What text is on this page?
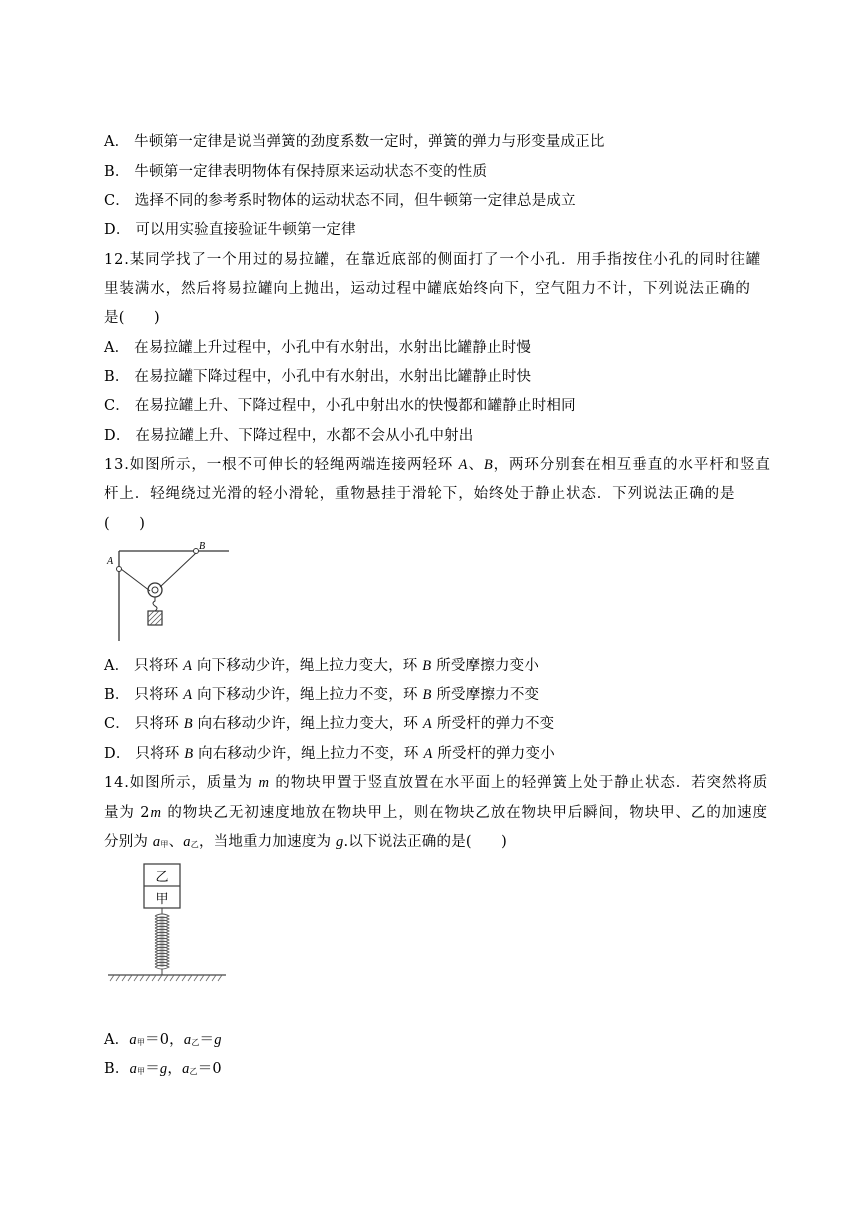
A． 牛顿第一定律是说当弹簧的劲度系数一定时，弹簧的弹力与形变量成正比
B． 牛顿第一定律表明物体有保持原来运动状态不变的性质
C． 选择不同的参考系时物体的运动状态不同，但牛顿第一定律总是成立
D． 可以用实验直接验证牛顿第一定律
12.某同学找了一个用过的易拉罐，在靠近底部的侧面打了一个小孔．用手指按住小孔的同时往罐
里装满水，然后将易拉罐向上抛出，运动过程中罐底始终向下，空气阻力不计，下列说法正确的
是(　　)
A． 在易拉罐上升过程中，小孔中有水射出，水射出比罐静止时慢
B． 在易拉罐下降过程中，小孔中有水射出，水射出比罐静止时快
C． 在易拉罐上升、下降过程中，小孔中射出水的快慢都和罐静止时相同
D． 在易拉罐上升、下降过程中，水都不会从小孔中射出
13.如图所示，一根不可伸长的轻绳两端连接两轻环 A、B，两环分别套在相互垂直的水平杆和竖直
杆上．轻绳绕过光滑的轻小滑轮，重物悬挂于滑轮下，始终处于静止状态．下列说法正确的是
(　　)
A
B
A． 只将环 A 向下移动少许，绳上拉力变大，环 B 所受摩擦力变小
B． 只将环 A 向下移动少许，绳上拉力不变，环 B 所受摩擦力不变
C． 只将环 B 向右移动少许，绳上拉力变大，环 A 所受杆的弹力不变
D． 只将环 B 向右移动少许，绳上拉力不变，环 A 所受杆的弹力变小
14.如图所示，质量为 m 的物块甲置于竖直放置在水平面上的轻弹簧上处于静止状态．若突然将质
量为 2m 的物块乙无初速度地放在物块甲上，则在物块乙放在物块甲后瞬间，物块甲、乙的加速度
分别为 $a_甲$、$a_乙$，当地重力加速度为 g.以下说法正确的是(　　)
乙
甲
A．$a_甲=0$，$a_乙=g$
B．$a_甲=g$，$a_乙=0$
